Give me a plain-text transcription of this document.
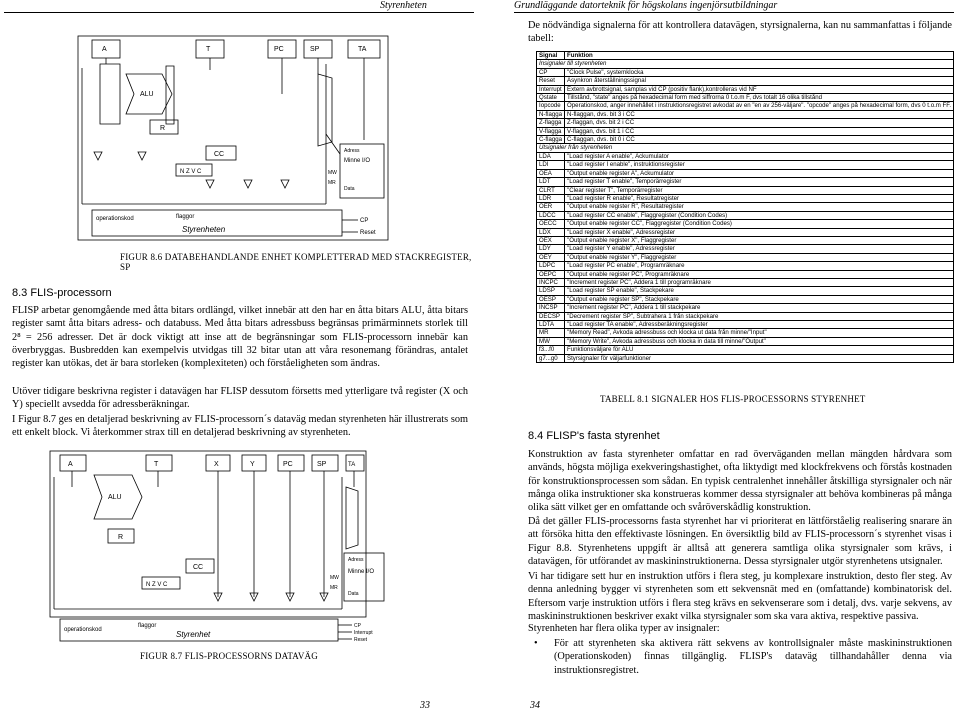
Styrenheten
A	T	PC	SP	TA
ALU
R
CC
N Z V C
Minne I/O
Adress
Data
MW
MR
operationskod	flaggor
Styrenheten
CP
Reset
FIGUR 8.6 DATABEHANDLANDE ENHET KOMPLETTERAD MED STACKREGISTER, SP
8.3 FLIS-processorn

FLISP arbetar genomgående med åtta bitars ordlängd, vilket innebär att den har en åtta bitars ALU, åtta bitars register samt åtta bitars adress- och databuss. Med åtta bitars adressbuss begränsas primärminnets storlek till 2⁸ = 256 adresser. Det är dock viktigt att inse att de begränsningar som FLIS-processorn innebär kan överbryggas. Busbredden kan exempelvis utvidgas till 32 bitar utan att våra resonemang förändras, antalet register kan utökas, det är bara storleken (komplexiteten) och förståeligheten som ändras.

Utöver tidigare beskrivna register i datavägen har FLISP dessutom försetts med ytterligare två register (X och Y) speciellt avsedda för adressberäkningar.

I Figur 8.7 ges en detaljerad beskrivning av FLIS-processorn´s dataväg medan styrenheten här illustrerats som ett enkelt block. Vi återkommer strax till en detaljerad beskrivning av styrenheten.

A	T	X	Y	PC	SP	TA
ALU
R
CC
N Z V C
Minne I/O
Adress
Data
MW
MR
operationskod
flaggor
Styrenhet
CP
Interrupt
Reset
FIGUR 8.7 FLIS-PROCESSORNS DATAVÄG
33
Grundläggande datorteknik för högskolans ingenjörsutbildningar

De nödvändiga signalerna för att kontrollera datavägen, styrsignalerna, kan nu sammanfattas i följande tabell:

Signal	Funktion
Insignaler till styrenheten	
CP	"Clock Pulse", systemklocka
Reset	Asynkron återställningssignal
Interrupt	Extern avbrottsignal, samplas vid CP (positiv flank),kontrolleras vid NF
Qstate	Tillstånd, "state" anges på hexadecimal form med siffrorna 0 t.o.m F, dvs totalt 16 olika tillstånd
Iopcode	Operationskod, anger innehållet i instruktionsregistret avkodat av en "en av 256-väljare". "opcode" anges på hexadecimal form, dvs 0 t.o.m FF.
N-flagga	N-flaggan, dvs. bit 3 i CC
Z-flagga	Z-flaggan, dvs. bit 2 i CC
V-flagga	V-flaggan, dvs. bit 1 i CC
C-flagga	C-flaggan, dvs. bit 0 i CC
Utsignaler från styrenheten	
LDA	"Load register A enable", Ackumulator
LDI	"Load register I enable", instruktionsregister
OEA	"Output enable register A", Ackumulator
LDT	"Load register T enable", Temporärregister
CLRT	"Clear register T", Temporärregister
LDR	"Load register R enable", Resultatregister
OER	"Output enable register R", Resultatregister
LDCC	"Load register CC enable", Flaggregister (Condition Codes)
OECC	"Output enable register CC", Flaggregister (Condition Codes)
LDX	"Load register X enable", Adressregister
OEX	"Output enable register X", Flaggregister
LDY	"Load register Y enable", Adressregister
OEY	"Output enable register Y", Flaggregister
LDPC	"Load register PC enable", Programräknare
OEPC	"Output enable register PC", Programräknare
INCPC	"Increment register PC", Addera 1 till programräknare
LDSP	"Load register SP enable", Stackpekare
OESP	"Output enable register SP", Stackpekare
INCSP	"Increment register PC", Addera 1 till stackpekare
DECSP	"Decrement register SP", Subtrahera 1 från stackpekare
LDTA	"Load register TA enable", Adressberäkningsregister
MR	"Memory Read", Avkoda adressbuss och klocka ut data från minne/"Input"
MW	"Memory Write", Avkoda adressbuss och klocka in data till minne/"Output"
f3...f0	Funktionsväljare för ALU
g7...g0	Styrsignaler för väljarfunktioner
TABELL 8.1 SIGNALER HOS FLIS-PROCESSORNS STYRENHET
8.4 FLISP's fasta styrenhet

Konstruktion av fasta styrenheter omfattar en rad överväganden mellan mängden hårdvara som används, högsta möjliga exekveringshastighet, ofta liktydigt med klockfrekvens och förstås kostnaden för konstruktionsprocessen som sådan. En typisk centralenhet innehåller åtskilliga styrsignaler och när många olika instruktioner ska konstrueras kommer dessa styrsignaler att behöva kombineras på många olika sätt vilket ger en omfattande och svåröverskådlig konstruktion.

Då det gäller FLIS-processorns fasta styrenhet har vi prioriterat en lättförståelig realisering snarare än att försöka hitta den effektivaste lösningen. En översiktlig bild av FLIS-processorn´s styrenhet visas i Figur 8.8. Styrenhetens uppgift är alltså att generera samtliga olika styrsignaler som krävs, i datavägen, för utförandet av maskininstruktionerna. Dessa styrsignaler utgör styrenhetens utsignaler.

Vi har tidigare sett hur en instruktion utförs i flera steg, ju komplexare instruktion, desto fler steg. Av denna anledning bygger vi styrenheten som ett sekvensnät med en (omfattande) kombinatorisk del. Eftersom varje instruktion utförs i flera steg krävs en sekvenserare som i detalj, dvs. varje sekvens, av maskininstruktionen beskriver exakt vilka styrsignaler som ska vara aktiva, respektive passiva.

Styrenheten har flera olika typer av insignaler:

• För att styrenheten ska aktivera rätt sekvens av kontrollsignaler måste maskininstruktionen (Operationskoden) finnas tillgänglig. FLISP's dataväg tillhandahåller denna via instruktionsregistret.
34
